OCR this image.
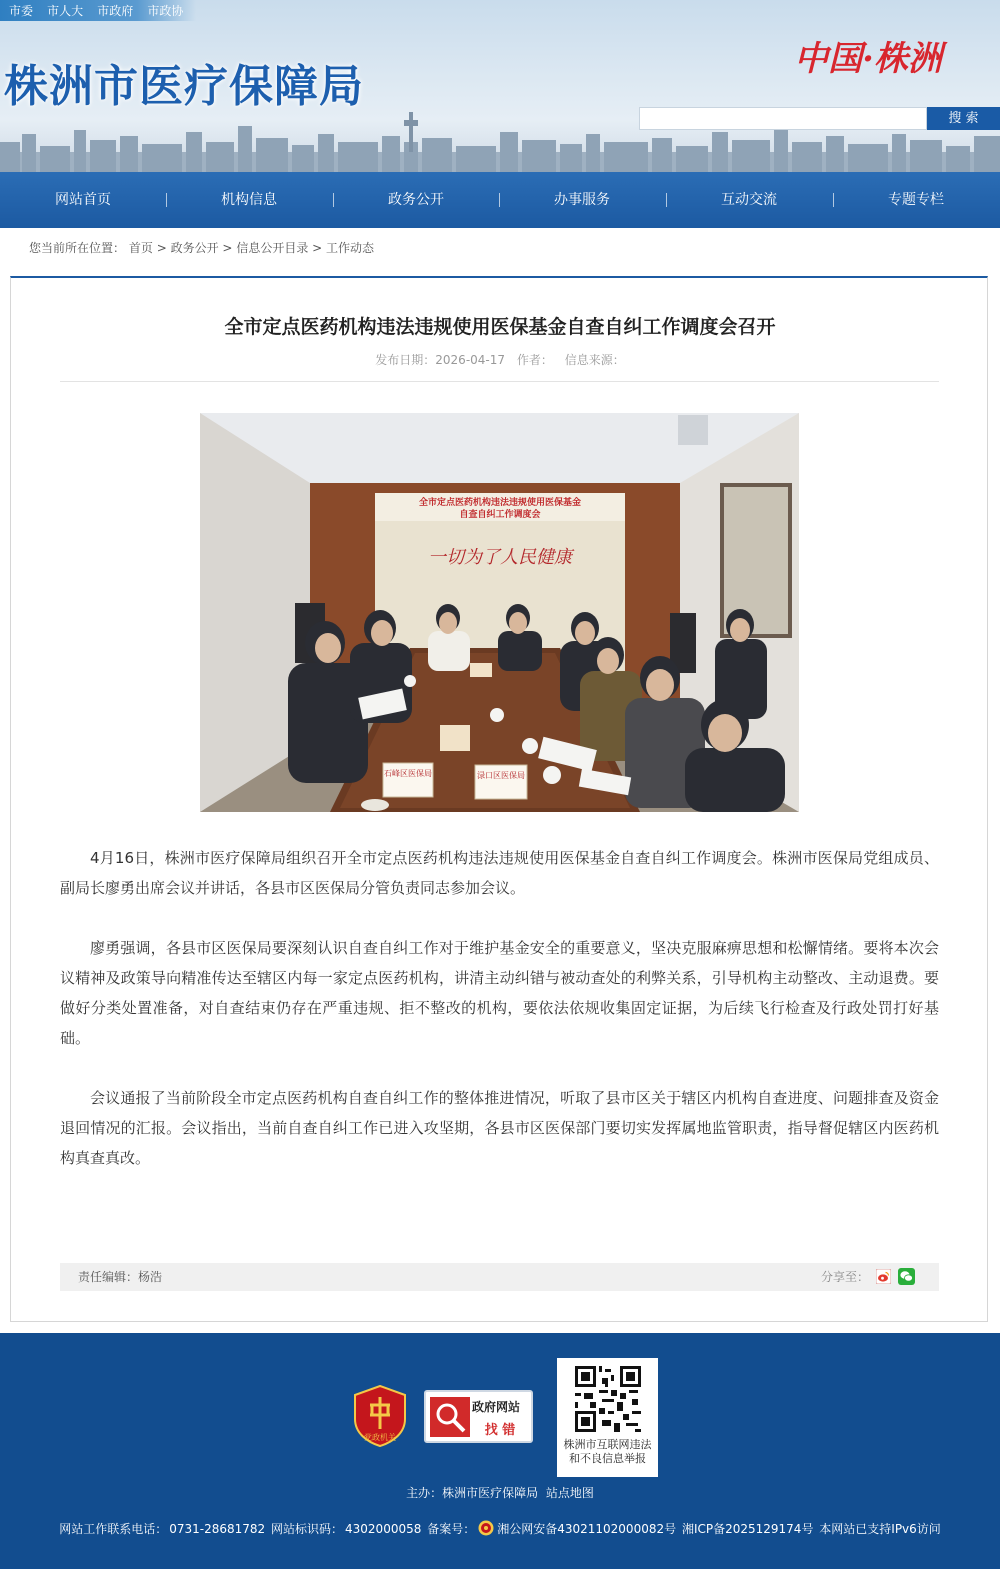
市委 市人大 市政府 市政协
株洲市医疗保障局
中国·株洲
搜 索
网站首页	机构信息	政务公开	办事服务	互动交流	专题专栏
您当前所在位置： 首页 > 政务公开 > 信息公开目录 > 工作动态
全市定点医药机构违法违规使用医保基金自查自纠工作调度会召开
发布日期：2026-04-17 作者： 信息来源：
全市定点医药机构违法违规使用医保基金
自查自纠工作调度会
一切为了人民健康
石峰区医保局	渌口区医保局

4月16日，株洲市医疗保障局组织召开全市定点医药机构违法违规使用医保基金自查自纠工作调度会。株洲市医保局党组成员、副局长廖勇出席会议并讲话，各县市区医保局分管负责同志参加会议。

廖勇强调，各县市区医保局要深刻认识自查自纠工作对于维护基金安全的重要意义，坚决克服麻痹思想和松懈情绪。要将本次会议精神及政策导向精准传达至辖区内每一家定点医药机构，讲清主动纠错与被动查处的利弊关系，引导机构主动整改、主动退费。要做好分类处置准备，对自查结束仍存在严重违规、拒不整改的机构，要依法依规收集固定证据，为后续飞行检查及行政处罚打好基础。

会议通报了当前阶段全市定点医药机构自查自纠工作的整体推进情况，听取了县市区关于辖区内机构自查进度、问题排查及资金退回情况的汇报。会议指出，当前自查自纠工作已进入攻坚期，各县市区医保部门要切实发挥属地监管职责，指导督促辖区内医药机构真查真改。

责任编辑：杨浩	分享至：
党政机关
政府网站
找 错
株洲市互联网违法
和不良信息举报
主办：株洲市医疗保障局 站点地图
网站工作联系电话： 0731-28681782 网站标识码： 4302000058 备案号： 湘公网安备43021102000082号 湘ICP备2025129174号 本网站已支持IPv6访问
